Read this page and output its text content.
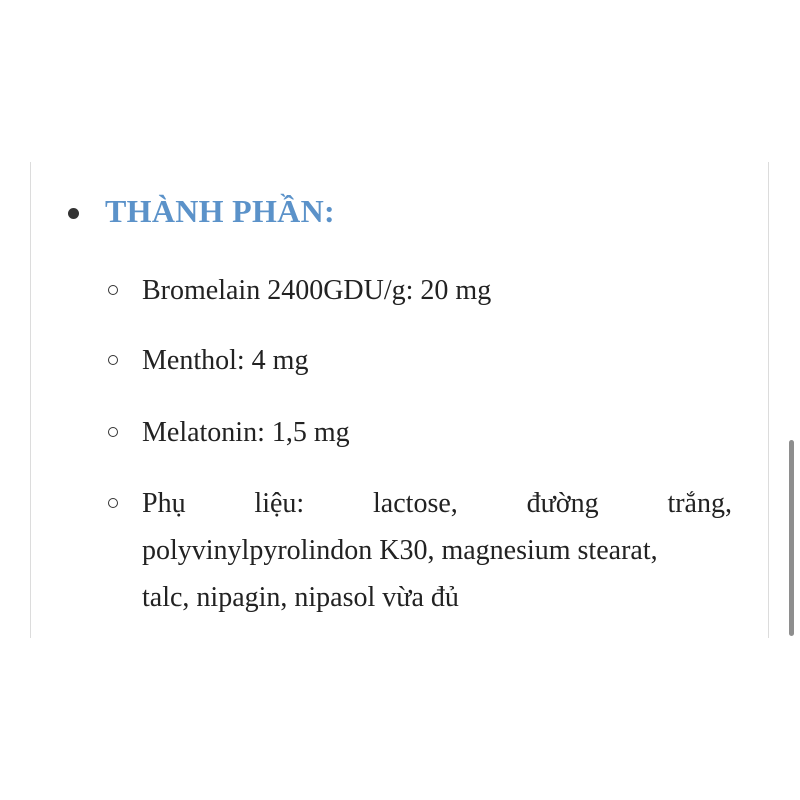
THÀNH PHẦN:
Bromelain 2400GDU/g: 20 mg
Menthol: 4 mg
Melatonin: 1,5 mg
Phụ liệu: lactose, đường trắng,
polyvinylpyrolindon K30, magnesium stearat,
talc, nipagin, nipasol vừa đủ
